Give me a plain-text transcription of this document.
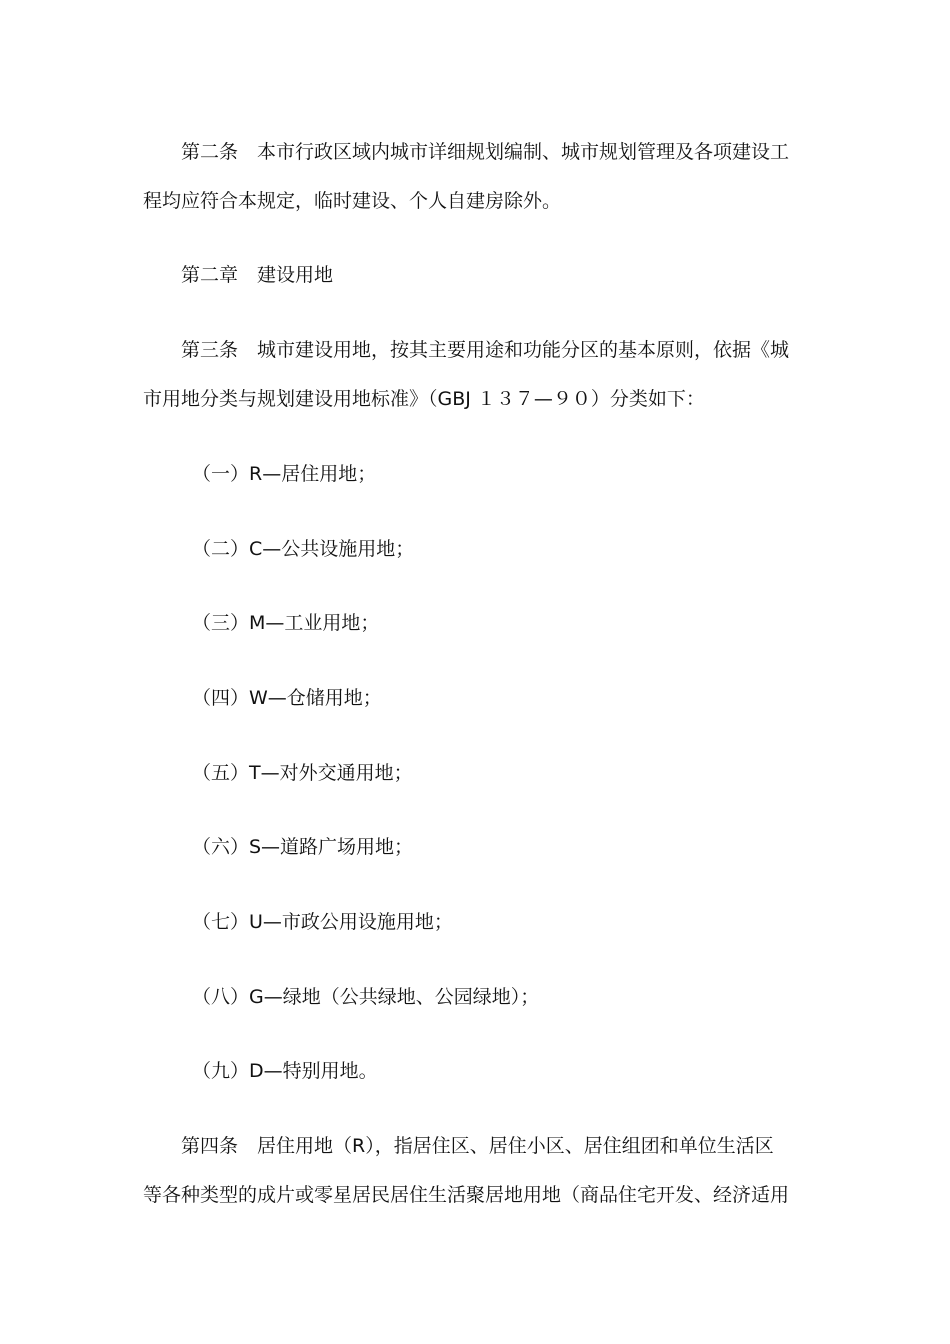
第二条　本市行政区域内城市详细规划编制、城市规划管理及各项建设工

程均应符合本规定，临时建设、个人自建房除外。

第二章　建设用地

第三条　城市建设用地，按其主要用途和功能分区的基本原则，依据《城

市用地分类与规划建设用地标准》（GBJ １３７—９０）分类如下：

（一）R—居住用地；

（二）C—公共设施用地；

（三）M—工业用地；

（四）W—仓储用地；

（五）T—对外交通用地；

（六）S—道路广场用地；

（七）U—市政公用设施用地；

（八）G—绿地（公共绿地、公园绿地）；

（九）D—特别用地。

第四条　居住用地（R），指居住区、居住小区、居住组团和单位生活区

等各种类型的成片或零星居民居住生活聚居地用地（商品住宅开发、经济适用
